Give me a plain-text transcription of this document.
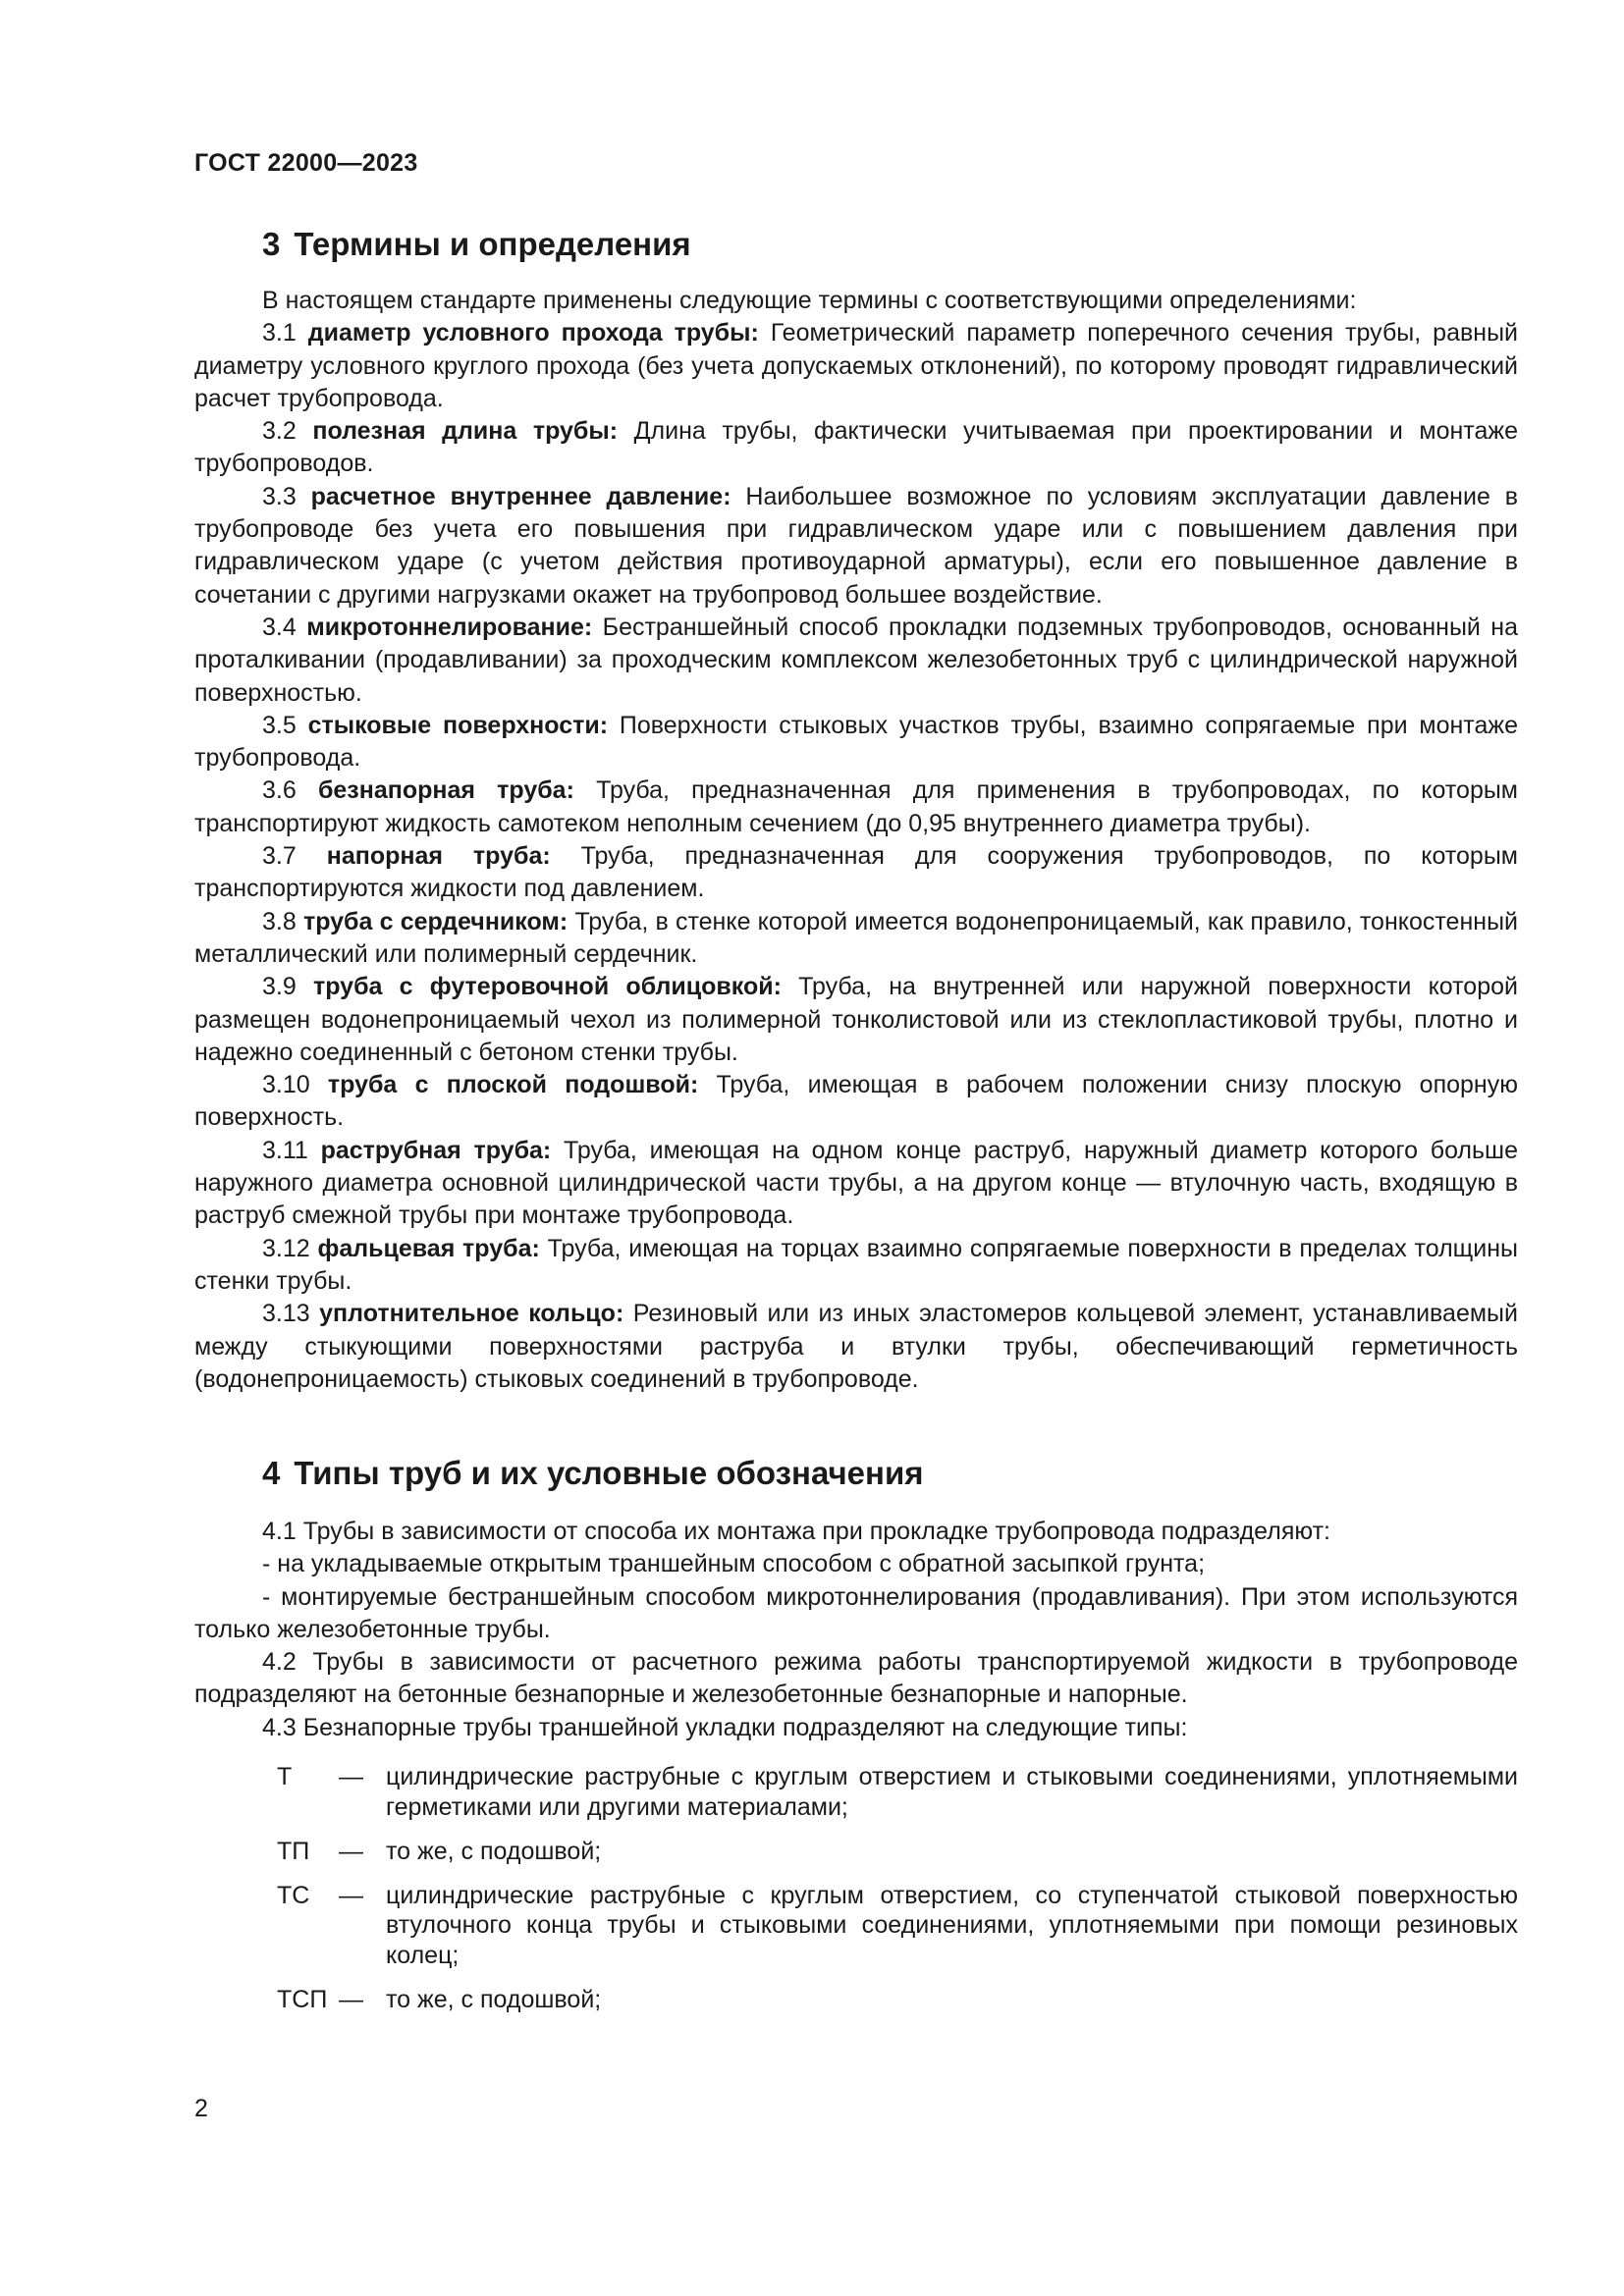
ГОСТ 22000—2023
3 Термины и определения

В настоящем стандарте применены следующие термины с соответствующими определениями:

3.1 диаметр условного прохода трубы: Геометрический параметр поперечного сечения трубы, равный диаметру условного круглого прохода (без учета допускаемых отклонений), по которому проводят гидравлический расчет трубопровода.

3.2 полезная длина трубы: Длина трубы, фактически учитываемая при проектировании и монтаже трубопроводов.

3.3 расчетное внутреннее давление: Наибольшее возможное по условиям эксплуатации давление в трубопроводе без учета его повышения при гидравлическом ударе или с повышением давления при гидравлическом ударе (с учетом действия противоударной арматуры), если его повышенное давление в сочетании с другими нагрузками окажет на трубопровод большее воздействие.

3.4 микротоннелирование: Бестраншейный способ прокладки подземных трубопроводов, основанный на проталкивании (продавливании) за проходческим комплексом железобетонных труб с цилиндрической наружной поверхностью.

3.5 стыковые поверхности: Поверхности стыковых участков трубы, взаимно сопрягаемые при монтаже трубопровода.

3.6 безнапорная труба: Труба, предназначенная для применения в трубопроводах, по которым транспортируют жидкость самотеком неполным сечением (до 0,95 внутреннего диаметра трубы).

3.7 напорная труба: Труба, предназначенная для сооружения трубопроводов, по которым транспортируются жидкости под давлением.

3.8 труба с сердечником: Труба, в стенке которой имеется водонепроницаемый, как правило, тонкостенный металлический или полимерный сердечник.

3.9 труба с футеровочной облицовкой: Труба, на внутренней или наружной поверхности которой размещен водонепроницаемый чехол из полимерной тонколистовой или из стеклопластиковой трубы, плотно и надежно соединенный с бетоном стенки трубы.

3.10 труба с плоской подошвой: Труба, имеющая в рабочем положении снизу плоскую опорную поверхность.

3.11 раструбная труба: Труба, имеющая на одном конце раструб, наружный диаметр которого больше наружного диаметра основной цилиндрической части трубы, а на другом конце — втулочную часть, входящую в раструб смежной трубы при монтаже трубопровода.

3.12 фальцевая труба: Труба, имеющая на торцах взаимно сопрягаемые поверхности в пределах толщины стенки трубы.

3.13 уплотнительное кольцо: Резиновый или из иных эластомеров кольцевой элемент, устанавливаемый между стыкующими поверхностями раструба и втулки трубы, обеспечивающий герметичность (водонепроницаемость) стыковых соединений в трубопроводе.

4 Типы труб и их условные обозначения

4.1 Трубы в зависимости от способа их монтажа при прокладке трубопровода подразделяют:

- на укладываемые открытым траншейным способом с обратной засыпкой грунта;

- монтируемые бестраншейным способом микротоннелирования (продавливания). При этом используются только железобетонные трубы.

4.2 Трубы в зависимости от расчетного режима работы транспортируемой жидкости в трубопроводе подразделяют на бетонные безнапорные и железобетонные безнапорные и напорные.

4.3 Безнапорные трубы траншейной укладки подразделяют на следующие типы:

Т	— цилиндрические раструбные с круглым отверстием и стыковыми соединениями, уплотняемыми герметиками или другими материалами;
ТП	— то же, с подошвой;
ТС	— цилиндрические раструбные с круглым отверстием, со ступенчатой стыковой поверхностью втулочного конца трубы и стыковыми соединениями, уплотняемыми при помощи резиновых колец;
ТСП — то же, с подошвой;
2
